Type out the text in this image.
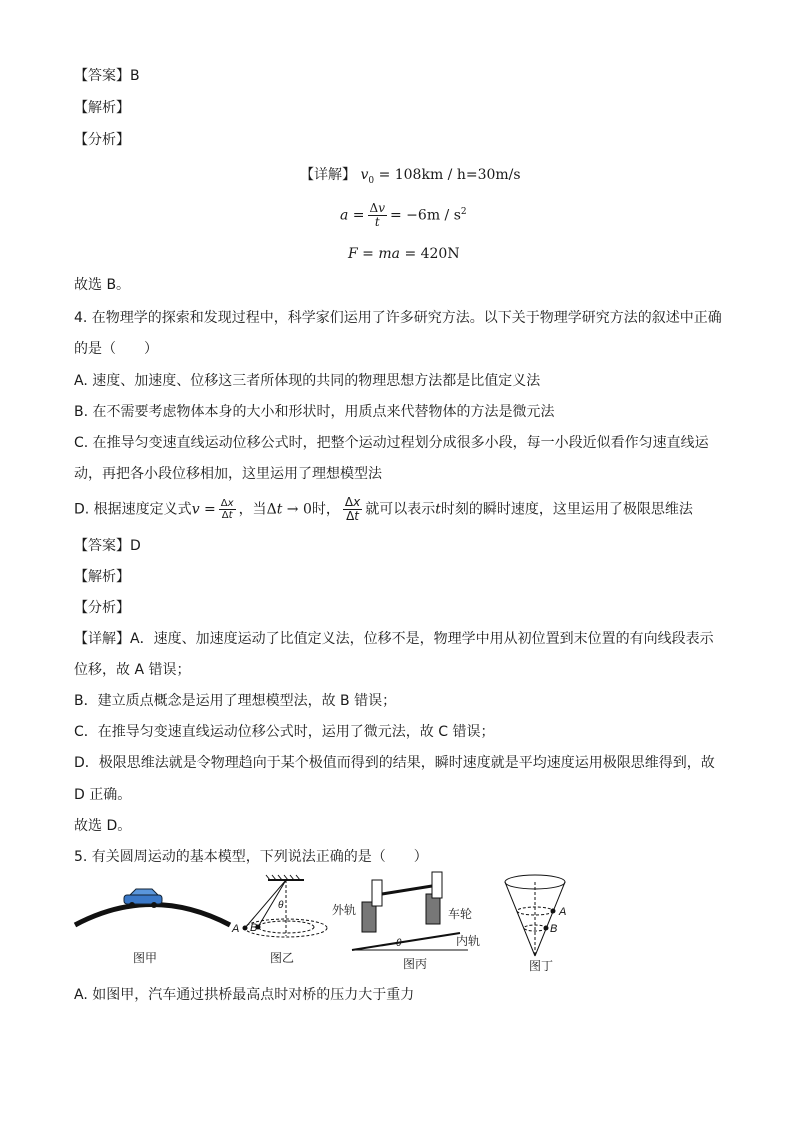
【答案】B
【解析】
【分析】
【详解】 $v_0 = 108km / h=30m/s$
$a = \frac{\Delta v}{t} = -6m / s^2$
F = ma = 420N
故选 B。
4. 在物理学的探索和发现过程中，科学家们运用了许多研究方法。以下关于物理学研究方法的叙述中正确
的是（　　）
A. 速度、加速度、位移这三者所体现的共同的物理思想方法都是比值定义法
B. 在不需要考虑物体本身的大小和形状时，用质点来代替物体的方法是微元法
C. 在推导匀变速直线运动位移公式时，把整个运动过程划分成很多小段，每一小段近似看作匀速直线运
动，再把各小段位移相加，这里运用了理想模型法
D. 根据速度定义式$v = \frac{\Delta x}{\Delta t}$ ，当Δt → 0时， $\frac{\Delta x}{\Delta t}$ 就可以表示t时刻的瞬时速度，这里运用了极限思维法
【答案】D
【解析】
【分析】
【详解】A．速度、加速度运动了比值定义法，位移不是，物理学中用从初位置到末位置的有向线段表示
位移，故 A 错误；
B．建立质点概念是运用了理想模型法，故 B 错误；
C．在推导匀变速直线运动位移公式时，运用了微元法，故 C 错误；
D．极限思维法就是令物理趋向于某个极值而得到的结果，瞬时速度就是平均速度运用极限思维得到，故
D 正确。
故选 D。
5. 有关圆周运动的基本模型，下列说法正确的是（　　）
图甲
A B
θ
图乙
θ
外轨	车轮
内轨
图丙
A
B
图丁
A. 如图甲，汽车通过拱桥最高点时对桥的压力大于重力
